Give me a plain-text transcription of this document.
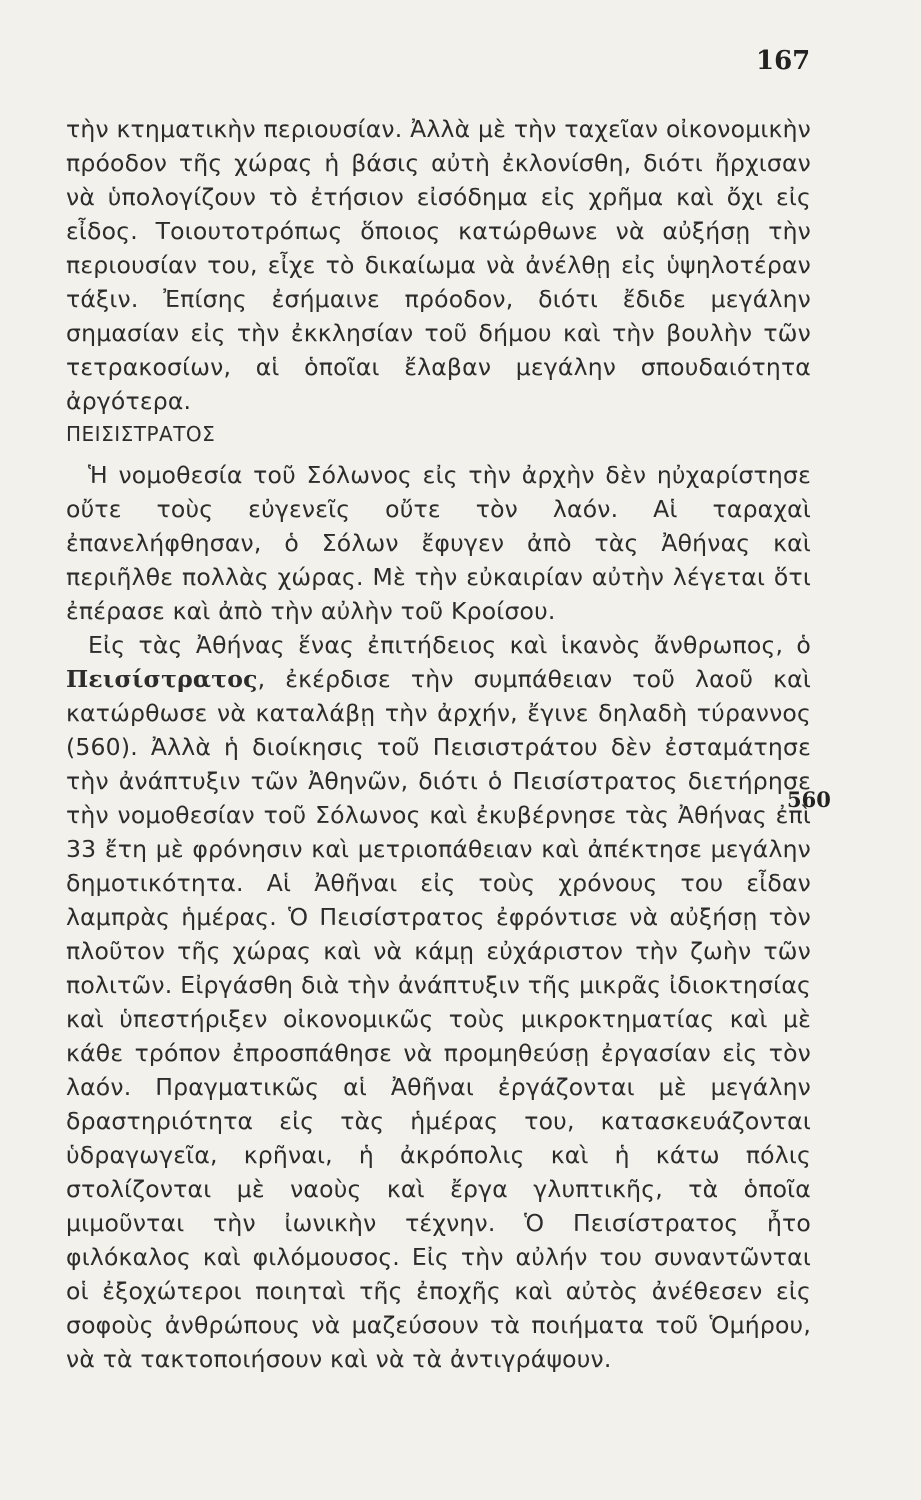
167

τὴν κτηματικὴν περιουσίαν. Ἀλλὰ μὲ τὴν ταχεῖαν οἰκονομικὴν πρόοδον τῆς χώρας ἡ βάσις αὐτὴ ἐκλονίσθη, διότι ἤρχισαν νὰ ὑπολογίζουν τὸ ἐτήσιον εἰσόδημα εἰς χρῆμα καὶ ὄχι εἰς εἶδος. Τοιουτοτρόπως ὅποιος κατώρθωνε νὰ αὐξήσῃ τὴν περιουσίαν του, εἶχε τὸ δικαίωμα νὰ ἀνέλθῃ εἰς ὑψηλοτέραν τάξιν. Ἐπίσης ἐσήμαινε πρόοδον, διότι ἔδιδε μεγάλην σημασίαν εἰς τὴν ἐκκλησίαν τοῦ δήμου καὶ τὴν βουλὴν τῶν τετρακοσίων, αἱ ὁποῖαι ἔλαβαν μεγάλην σπουδαιότητα ἀργότερα.

ΠΕΙΣΙΣΤΡΑΤΟΣ

Ἡ νομοθεσία τοῦ Σόλωνος εἰς τὴν ἀρχὴν δὲν ηὐχαρίστησε οὔτε τοὺς εὐγενεῖς οὔτε τὸν λαόν. Αἱ ταραχαὶ ἐπανελήφθησαν, ὁ Σόλων ἔφυγεν ἀπὸ τὰς Ἀθήνας καὶ περιῆλθε πολλὰς χώρας. Μὲ τὴν εὐκαιρίαν αὐτὴν λέγεται ὅτι ἐπέρασε καὶ ἀπὸ τὴν αὐλὴν τοῦ Κροίσου.

Εἰς τὰς Ἀθήνας ἕνας ἐπιτήδειος καὶ ἱκανὸς ἄνθρωπος, ὁ Πεισίστρατος, ἐκέρδισε τὴν συμπάθειαν τοῦ λαοῦ καὶ κατώρθωσε νὰ καταλάβῃ τὴν ἀρχήν, ἔγινε δηλαδὴ τύραννος (560). Ἀλλὰ ἡ διοίκησις τοῦ Πεισιστράτου δὲν ἐσταμάτησε τὴν ἀνάπτυξιν τῶν Ἀθηνῶν, διότι ὁ Πεισίστρατος διετήρησε τὴν νομοθεσίαν τοῦ Σόλωνος καὶ ἐκυβέρνησε τὰς Ἀθήνας ἐπὶ 33 ἔτη μὲ φρόνησιν καὶ μετριοπάθειαν καὶ ἀπέκτησε μεγάλην δημοτικότητα. Αἱ Ἀθῆναι εἰς τοὺς χρόνους του εἶδαν λαμπρὰς ἡμέρας. Ὁ Πεισίστρατος ἐφρόντισε νὰ αὐξήσῃ τὸν πλοῦτον τῆς χώρας καὶ νὰ κάμῃ εὐχάριστον τὴν ζωὴν τῶν πολιτῶν. Εἰργάσθη διὰ τὴν ἀνάπτυξιν τῆς μικρᾶς ἰδιοκτησίας καὶ ὑπεστήριξεν οἰκονομικῶς τοὺς μικροκτηματίας καὶ μὲ κάθε τρόπον ἐπροσπάθησε νὰ προμηθεύσῃ ἐργασίαν εἰς τὸν λαόν. Πραγματικῶς αἱ Ἀθῆναι ἐργάζονται μὲ μεγάλην δραστηριότητα εἰς τὰς ἡμέρας του, κατασκευάζονται ὑδραγωγεῖα, κρῆναι, ἡ ἀκρόπολις καὶ ἡ κάτω πόλις στολίζονται μὲ ναοὺς καὶ ἔργα γλυπτικῆς, τὰ ὁποῖα μιμοῦνται τὴν ἰωνικὴν τέχνην. Ὁ Πεισίστρατος ἦτο φιλόκαλος καὶ φιλόμουσος. Εἰς τὴν αὐλήν του συναντῶνται οἱ ἐξοχώτεροι ποιηταὶ τῆς ἐποχῆς καὶ αὐτὸς ἀνέθεσεν εἰς σοφοὺς ἀνθρώπους νὰ μαζεύσουν τὰ ποιήματα τοῦ Ὁμήρου, νὰ τὰ τακτοποιήσουν καὶ νὰ τὰ ἀντιγράψουν.

560
